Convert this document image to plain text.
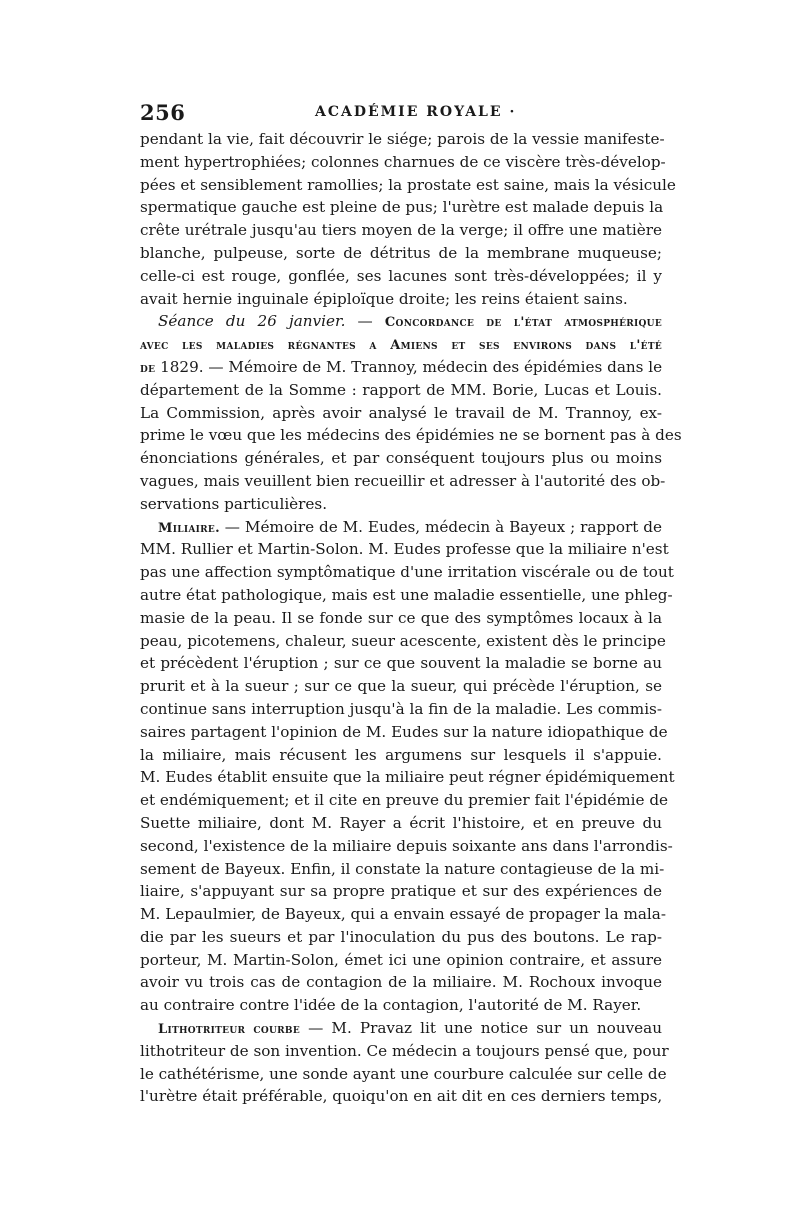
256	ACADÉMIE ROYALE ·
pendant la vie, fait découvrir le siége; parois de la vessie manifeste-
ment hypertrophiées; colonnes charnues de ce viscère très-dévelop-
pées et sensiblement ramollies; la prostate est saine, mais la vésicule
spermatique gauche est pleine de pus; l'urètre est malade depuis la
crête urétrale jusqu'au tiers moyen de la verge; il offre une matière
blanche, pulpeuse, sorte de détritus de la membrane muqueuse;
celle-ci est rouge, gonflée, ses lacunes sont très-développées; il y
avait hernie inguinale épiploïque droite; les reins étaient sains.
Séance du 26 janvier. — Concordance de l'état atmosphérique
avec les maladies régnantes a Amiens et ses environs dans l'été
de 1829. — Mémoire de M. Trannoy, médecin des épidémies dans le
département de la Somme : rapport de MM. Borie, Lucas et Louis.
La Commission, après avoir analysé le travail de M. Trannoy, ex-
prime le vœu que les médecins des épidémies ne se bornent pas à des
énonciations générales, et par conséquent toujours plus ou moins
vagues, mais veuillent bien recueillir et adresser à l'autorité des ob-
servations particulières.
Miliaire. — Mémoire de M. Eudes, médecin à Bayeux ; rapport de
MM. Rullier et Martin-Solon. M. Eudes professe que la miliaire n'est
pas une affection symptômatique d'une irritation viscérale ou de tout
autre état pathologique, mais est une maladie essentielle, une phleg-
masie de la peau. Il se fonde sur ce que des symptômes locaux à la
peau, picotemens, chaleur, sueur acescente, existent dès le principe
et précèdent l'éruption ; sur ce que souvent la maladie se borne au
prurit et à la sueur ; sur ce que la sueur, qui précède l'éruption, se
continue sans interruption jusqu'à la fin de la maladie. Les commis-
saires partagent l'opinion de M. Eudes sur la nature idiopathique de
la miliaire, mais récusent les argumens sur lesquels il s'appuie.
M. Eudes établit ensuite que la miliaire peut régner épidémiquement
et endémiquement; et il cite en preuve du premier fait l'épidémie de
Suette miliaire, dont M. Rayer a écrit l'histoire, et en preuve du
second, l'existence de la miliaire depuis soixante ans dans l'arrondis-
sement de Bayeux. Enfin, il constate la nature contagieuse de la mi-
liaire, s'appuyant sur sa propre pratique et sur des expériences de
M. Lepaulmier, de Bayeux, qui a envain essayé de propager la mala-
die par les sueurs et par l'inoculation du pus des boutons. Le rap-
porteur, M. Martin-Solon, émet ici une opinion contraire, et assure
avoir vu trois cas de contagion de la miliaire. M. Rochoux invoque
au contraire contre l'idée de la contagion, l'autorité de M. Rayer.
Lithotriteur courbe — M. Pravaz lit une notice sur un nouveau
lithotriteur de son invention. Ce médecin a toujours pensé que, pour
le cathétérisme, une sonde ayant une courbure calculée sur celle de
l'urètre était préférable, quoiqu'on en ait dit en ces derniers temps,
